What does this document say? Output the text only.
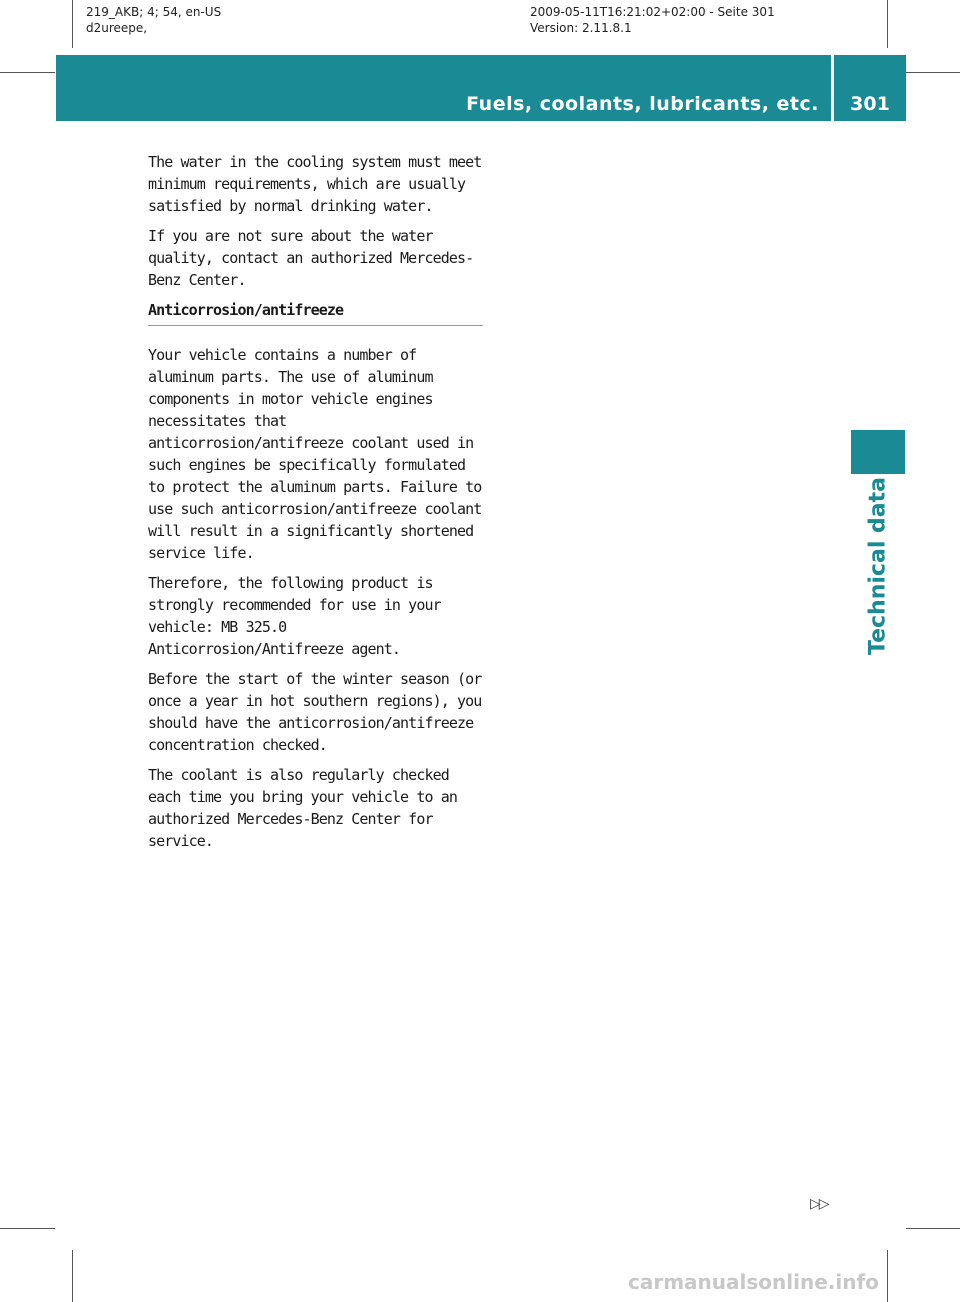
219_AKB; 4; 54, en-US
d2ureepe,
2009-05-11T16:21:02+02:00 - Seite 301
Version: 2.11.8.1
Fuels, coolants, lubricants, etc.	301

The water in the cooling system must meet minimum requirements, which are usually satisfied by normal drinking water.

If you are not sure about the water quality, contact an authorized Mercedes-Benz Center.

Anticorrosion/antifreeze

Your vehicle contains a number of aluminum parts. The use of aluminum components in motor vehicle engines necessitates that anticorrosion/antifreeze coolant used in such engines be specifically formulated to protect the aluminum parts. Failure to use such anticorrosion/antifreeze coolant will result in a significantly shortened service life.

Therefore, the following product is strongly recommended for use in your vehicle: MB 325.0 Anticorrosion/Antifreeze agent.

Before the start of the winter season (or once a year in hot southern regions), you should have the anticorrosion/antifreeze concentration checked.

The coolant is also regularly checked each time you bring your vehicle to an authorized Mercedes-Benz Center for service.

Technical data
▷▷
carmanualsonline.info
